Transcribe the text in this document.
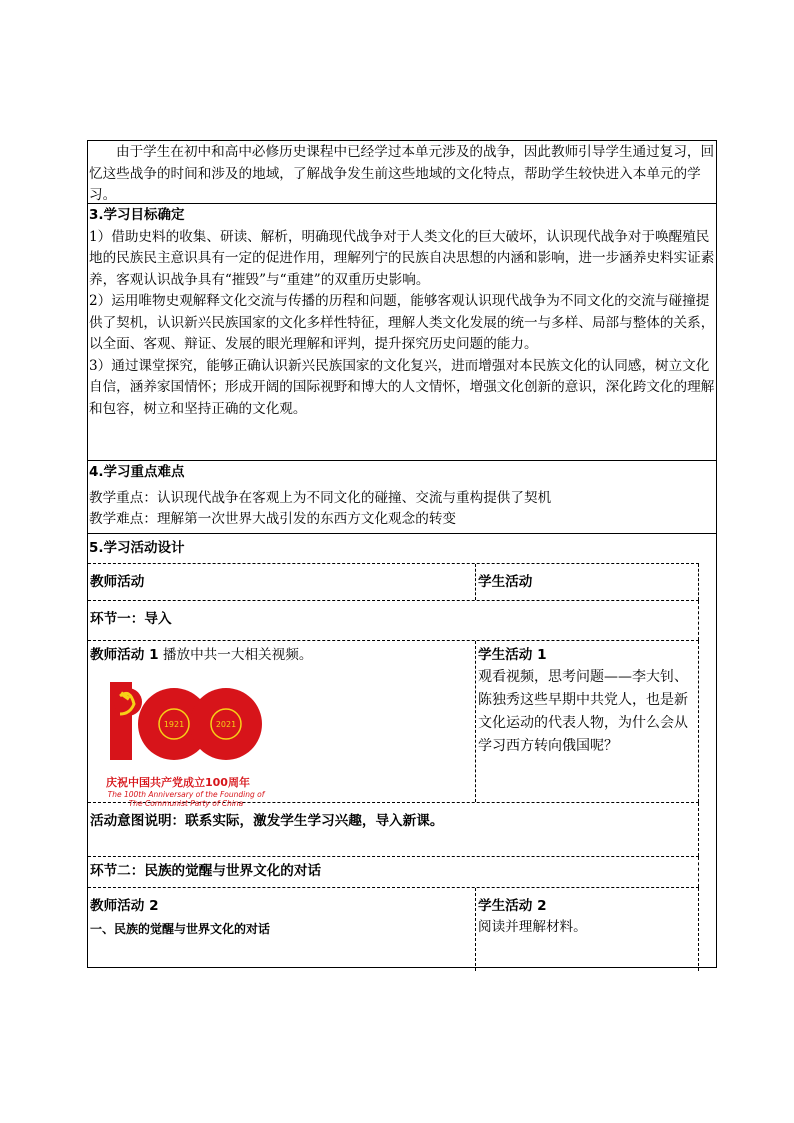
由于学生在初中和高中必修历史课程中已经学过本单元涉及的战争，因此教师引导学生通过复习，回忆这些战争的时间和涉及的地域，了解战争发生前这些地域的文化特点，帮助学生较快进入本单元的学习。

3.学习目标确定

1）借助史料的收集、研读、解析，明确现代战争对于人类文化的巨大破坏，认识现代战争对于唤醒殖民地的民族民主意识具有一定的促进作用，理解列宁的民族自决思想的内涵和影响，进一步涵养史料实证素养，客观认识战争具有“摧毁”与“重建”的双重历史影响。

2）运用唯物史观解释文化交流与传播的历程和问题，能够客观认识现代战争为不同文化的交流与碰撞提供了契机，认识新兴民族国家的文化多样性特征，理解人类文化发展的统一与多样、局部与整体的关系，以全面、客观、辩证、发展的眼光理解和评判，提升探究历史问题的能力。

3）通过课堂探究，能够正确认识新兴民族国家的文化复兴，进而增强对本民族文化的认同感，树立文化自信，涵养家国情怀；形成开阔的国际视野和博大的人文情怀，增强文化创新的意识，深化跨文化的理解和包容，树立和坚持正确的文化观。

4.学习重点难点

教学重点：认识现代战争在客观上为不同文化的碰撞、交流与重构提供了契机

教学难点：理解第一次世界大战引发的东西方文化观念的转变

5.学习活动设计

教师活动	学生活动
环节一：导入
教师活动 1 播放中共一大相关视频。
1921	2021
庆祝中国共产党成立100周年
The 100th Anniversary of the Founding of
The Communist Party of China
学生活动 1
观看视频，思考问题——李大钊、陈独秀这些早期中共党人，也是新文化运动的代表人物，为什么会从学习西方转向俄国呢？
活动意图说明：联系实际，激发学生学习兴趣，导入新课。
环节二：民族的觉醒与世界文化的对话
教师活动 2
一、民族的觉醒与世界文化的对话
学生活动 2
阅读并理解材料。
